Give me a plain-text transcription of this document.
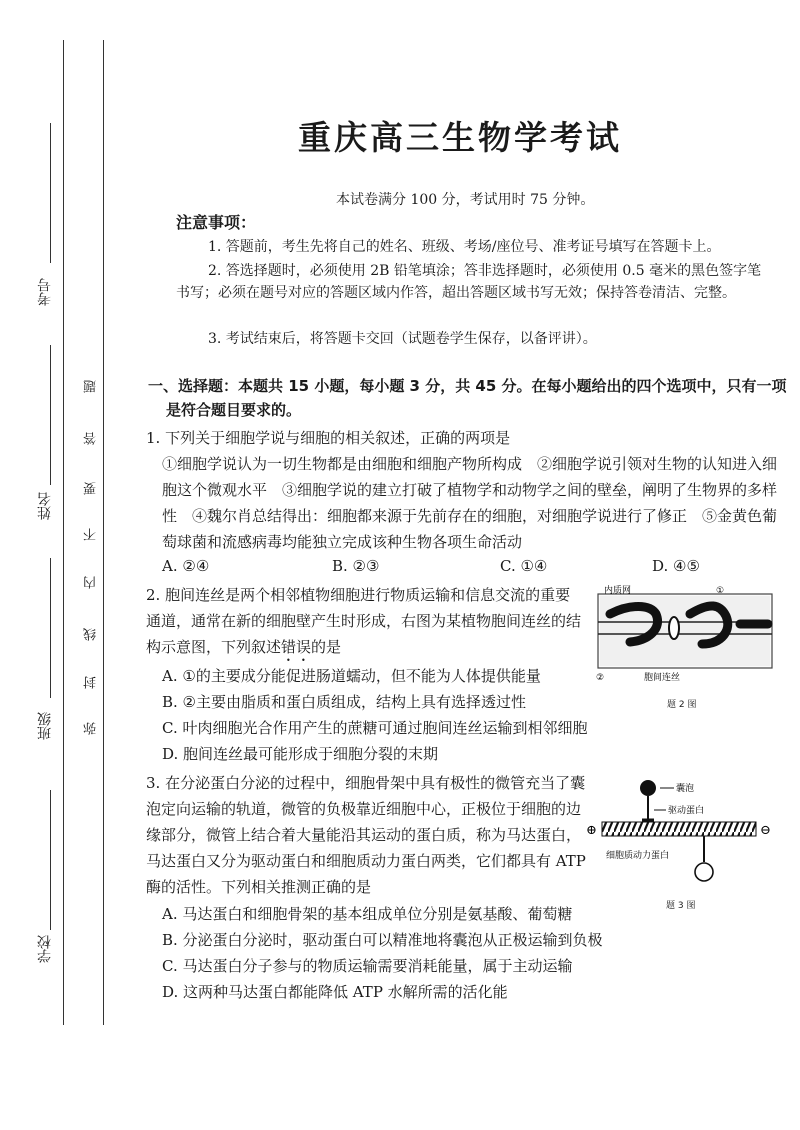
考号
姓名
班级
学校
题
答
要
不
内
线
封
弥
重庆高三生物学考试
本试卷满分 100 分，考试用时 75 分钟。
注意事项：
1. 答题前，考生先将自己的姓名、班级、考场/座位号、准考证号填写在答题卡上。
2. 答选择题时，必须使用 2B 铅笔填涂；答非选择题时，必须使用 0.5 毫米的黑色签字笔书写；必须在题号对应的答题区域内作答，超出答题区域书写无效；保持答卷清洁、完整。
3. 考试结束后，将答题卡交回（试题卷学生保存，以备评讲）。
一、选择题：本题共 15 小题，每小题 3 分，共 45 分。在每小题给出的四个选项中，只有一项是符合题目要求的。
1. 下列关于细胞学说与细胞的相关叙述，正确的两项是
①细胞学说认为一切生物都是由细胞和细胞产物所构成　②细胞学说引领对生物的认知进入细胞这个微观水平　③细胞学说的建立打破了植物学和动物学之间的壁垒，阐明了生物界的多样性　④魏尔肖总结得出：细胞都来源于先前存在的细胞，对细胞学说进行了修正　⑤金黄色葡萄球菌和流感病毒均能独立完成该种生物各项生命活动
A. ②④	B. ②③	C. ①④	D. ④⑤
2. 胞间连丝是两个相邻植物细胞进行物质运输和信息交流的重要通道，通常在新的细胞壁产生时形成，右图为某植物胞间连丝的结构示意图，下列叙述错误的是
A. ①的主要成分能促进肠道蠕动，但不能为人体提供能量
B. ②主要由脂质和蛋白质组成，结构上具有选择透过性
C. 叶肉细胞光合作用产生的蔗糖可通过胞间连丝运输到相邻细胞
D. 胞间连丝最可能形成于细胞分裂的末期
内质网	①
②	胞间连丝
题 2 图
3. 在分泌蛋白分泌的过程中，细胞骨架中具有极性的微管充当了囊泡定向运输的轨道，微管的负极靠近细胞中心，正极位于细胞的边缘部分，微管上结合着大量能沿其运动的蛋白质，称为马达蛋白，马达蛋白又分为驱动蛋白和细胞质动力蛋白两类，它们都具有 ATP 酶的活性。下列相关推测正确的是
A. 马达蛋白和细胞骨架的基本组成单位分别是氨基酸、葡萄糖
B. 分泌蛋白分泌时，驱动蛋白可以精准地将囊泡从正极运输到负极
C. 马达蛋白分子参与的物质运输需要消耗能量，属于主动运输
D. 这两种马达蛋白都能降低 ATP 水解所需的活化能
囊泡
驱动蛋白
细胞质动力蛋白
⊕	⊖
题 3 图
